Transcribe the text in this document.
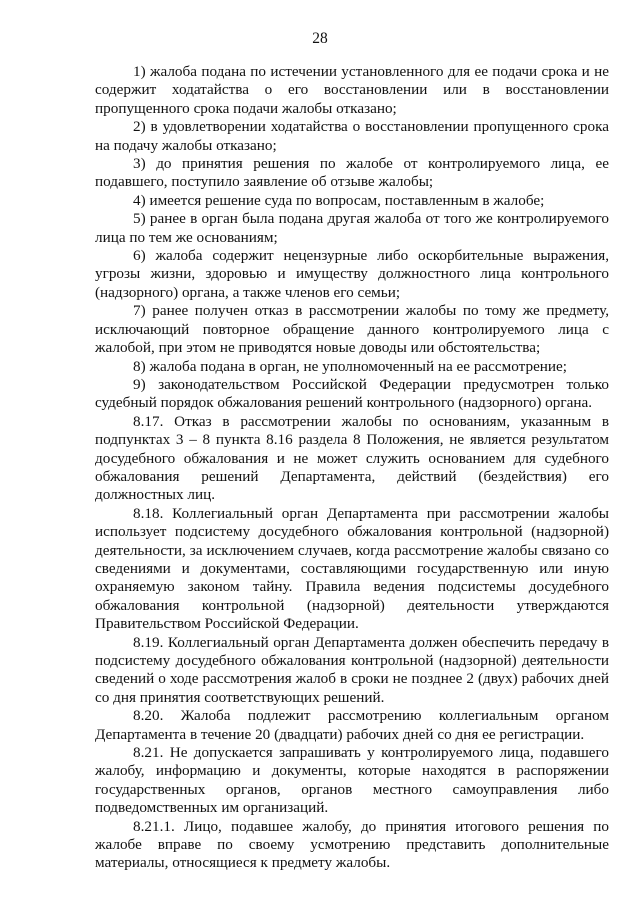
28

1) жалоба подана по истечении установленного для ее подачи срока и не содержит ходатайства о его восстановлении или в восстановлении пропущенного срока подачи жалобы отказано;

2) в удовлетворении ходатайства о восстановлении пропущенного срока на подачу жалобы отказано;

3) до принятия решения по жалобе от контролируемого лица, ее подавшего, поступило заявление об отзыве жалобы;

4) имеется решение суда по вопросам, поставленным в жалобе;

5) ранее в орган была подана другая жалоба от того же контролируемого лица по тем же основаниям;

6) жалоба содержит нецензурные либо оскорбительные выражения, угрозы жизни, здоровью и имуществу должностного лица контрольного (надзорного) органа, а также членов его семьи;

7) ранее получен отказ в рассмотрении жалобы по тому же предмету, исключающий повторное обращение данного контролируемого лица с жалобой, при этом не приводятся новые доводы или обстоятельства;

8) жалоба подана в орган, не уполномоченный на ее рассмотрение;

9) законодательством Российской Федерации предусмотрен только судебный порядок обжалования решений контрольного (надзорного) органа.

8.17. Отказ в рассмотрении жалобы по основаниям, указанным в подпунктах 3 – 8 пункта 8.16 раздела 8 Положения, не является результатом досудебного обжалования и не может служить основанием для судебного обжалования решений Департамента, действий (бездействия) его должностных лиц.

8.18. Коллегиальный орган Департамента при рассмотрении жалобы использует подсистему досудебного обжалования контрольной (надзорной) деятельности, за исключением случаев, когда рассмотрение жалобы связано со сведениями и документами, составляющими государственную или иную охраняемую законом тайну. Правила ведения подсистемы досудебного обжалования контрольной (надзорной) деятельности утверждаются Правительством Российской Федерации.

8.19. Коллегиальный орган Департамента должен обеспечить передачу в подсистему досудебного обжалования контрольной (надзорной) деятельности сведений о ходе рассмотрения жалоб в сроки не позднее 2 (двух) рабочих дней со дня принятия соответствующих решений.

8.20. Жалоба подлежит рассмотрению коллегиальным органом Департамента в течение 20 (двадцати) рабочих дней со дня ее регистрации.

8.21. Не допускается запрашивать у контролируемого лица, подавшего жалобу, информацию и документы, которые находятся в распоряжении государственных органов, органов местного самоуправления либо подведомственных им организаций.

8.21.1. Лицо, подавшее жалобу, до принятия итогового решения по жалобе вправе по своему усмотрению представить дополнительные материалы, относящиеся к предмету жалобы.
